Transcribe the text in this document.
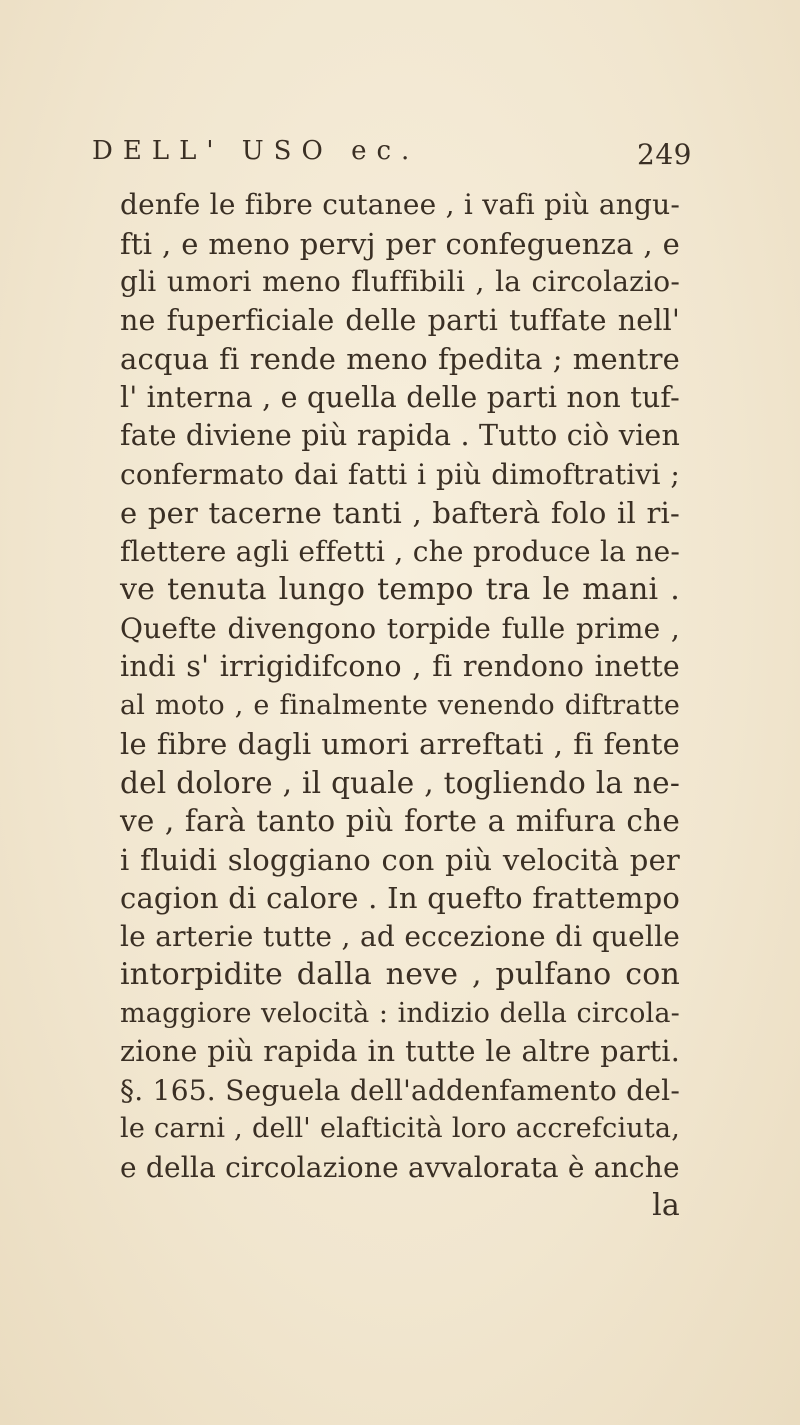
DELL' USO ec.	249
denfe le fibre cutanee , i vafi più angu-
fti , e meno pervj per confeguenza , e
gli umori meno fluffibili , la circolazio-
ne fuperficiale delle parti tuffate nell'
acqua fi rende meno fpedita ; mentre
l' interna , e quella delle parti non tuf-
fate diviene più rapida . Tutto ciò vien
confermato dai fatti i più dimoftrativi ;
e per tacerne tanti , bafterà folo il ri-
flettere agli effetti , che produce la ne-
ve tenuta lungo tempo tra le mani .
Quefte divengono torpide fulle prime ,
indi s' irrigidifcono , fi rendono inette
al moto , e finalmente venendo diftratte
le fibre dagli umori arreftati , fi fente
del dolore , il quale , togliendo la ne-
ve , farà tanto più forte a mifura che
i fluidi sloggiano con più velocità per
cagion di calore . In quefto frattempo
le arterie tutte , ad eccezione di quelle
intorpidite dalla neve , pulfano con
maggiore velocità : indizio della circola-
zione più rapida in tutte le altre parti.
§. 165. Seguela dell'addenfamento del-
le carni , dell' elafticità loro accrefciuta,
e della circolazione avvalorata è anche
la
